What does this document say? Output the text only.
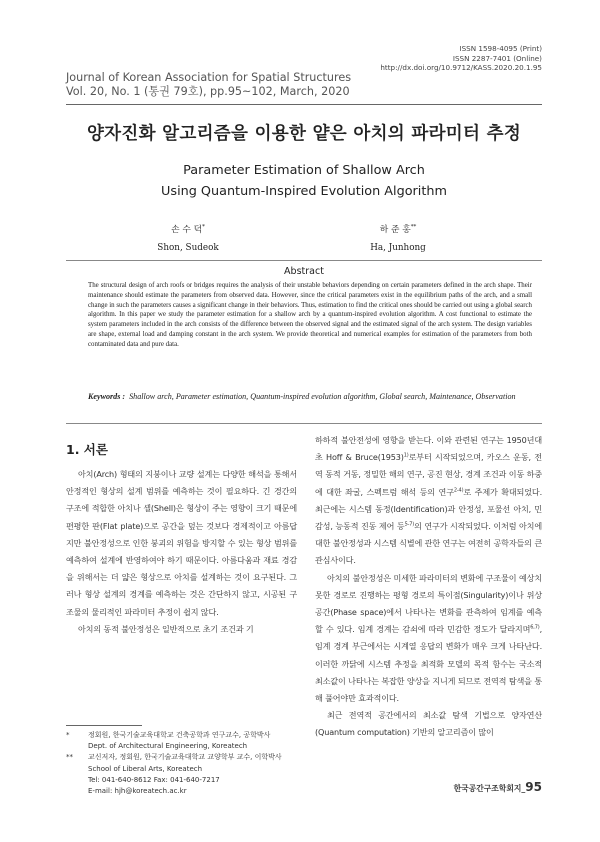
ISSN 1598-4095 (Print)
ISSN 2287-7401 (Online)
http://dx.doi.org/10.9712/KASS.2020.20.1.95
Journal of Korean Association for Spatial Structures
Vol. 20, No. 1 (통권 79호), pp.95~102, March, 2020
양자진화 알고리즘을 이용한 얕은 아치의 파라미터 추정
Parameter Estimation of Shallow Arch
Using Quantum-Inspired Evolution Algorithm
손 수 덕*
Shon, Sudeok
하 준 홍**
Ha, Junhong
Abstract

The structural design of arch roofs or bridges requires the analysis of their unstable behaviors depending on certain parameters defined in the arch shape. Their maintenance should estimate the parameters from observed data. However, since the critical parameters exist in the equilibrium paths of the arch, and a small change in such the parameters causes a significant change in their behaviors. Thus, estimation to find the critical ones should be carried out using a global search algorithm. In this paper we study the parameter estimation for a shallow arch by a quantum-inspired evolution algorithm. A cost functional to estimate the system parameters included in the arch consists of the difference between the observed signal and the estimated signal of the arch system. The design variables are shape, external load and damping constant in the arch system. We provide theoretical and numerical examples for estimation of the parameters from both contaminated data and pure data.

Keywords : Shallow arch, Parameter estimation, Quantum-inspired evolution algorithm, Global search, Maintenance, Observation
1. 서론

아치(Arch) 형태의 지붕이나 교량 설계는 다양한 해석을 통해서 안정적인 형상의 설계 범위를 예측하는 것이 필요하다. 긴 경간의 구조에 적합한 아치나 셸(Shell)은 형상이 주는 영향이 크기 때문에 편평한 판(Flat plate)으로 공간을 덮는 것보다 경제적이고 아름답지만 불안정성으로 인한 붕괴의 위험을 방지할 수 있는 형상 범위를 예측하여 설계에 반영하여야 하기 때문이다. 아름다움과 재료 경감을 위해서는 더 얇은 형상으로 아치를 설계하는 것이 요구된다. 그러나 형상 설계의 경계를 예측하는 것은 간단하지 않고, 시공된 구조물의 물리적인 파라미터 추정이 쉽지 않다.

아치의 동적 불안정성은 일반적으로 초기 조건과 기

하하적 불안전성에 영향을 받는다. 이와 관련된 연구는 1950년대 초 Hoff & $Bruce(1953)^{1)}$로부터 시작되었으며, 카오스 운동, 전역 동적 거동, 정밀한 해의 연구, 공진 현상, 경계 조건과 이동 하중에 대한 좌굴, 스펙트럼 해석 등의 연구$^{2-4)}$로 주제가 확대되었다. 최근에는 시스템 동정(Identification)과 안정성, 포물선 아치, 민감성, 능동적 진동 제어 등$^{5-7)}$의 연구가 시작되었다. 이처럼 아치에 대한 불안정성과 시스템 식별에 관한 연구는 여전히 공학자들의 큰 관심사이다.

아치의 불안정성은 미세한 파라미터의 변화에 구조물이 예상치 못한 경로로 진행하는 평형 경로의 특이점(Singularity)이나 위상공간(Phase space)에서 나타나는 변화를 관측하여 임계를 예측할 수 있다. 임계 경계는 감쇠에 따라 민감한 정도가 달라지며$^{6,7)}$, 임계 경계 부근에서는 시계열 응답의 변화가 매우 크게 나타난다. 이러한 까닭에 시스템 추정을 최적화 모델의 목적 함수는 국소적 최소값이 나타나는 복잡한 양상을 지니게 되므로 전역적 탐색을 통해 풀어야만 효과적이다.

최근 전역적 공간에서의 최소값 탐색 기법으로 양자연산(Quantum computation) 기반의 알고리즘이 많이

*	정회원, 한국기술교육대학교 건축공학과 연구교수, 공학박사
Dept. of Architectural Engineering, Koreatech
**	교신저자, 정회원, 한국기술교육대학교 교양학부 교수, 이학박사
School of Liberal Arts, Koreatech
Tel: 041-640-8612 Fax: 041-640-7217
E-mail: hjh@koreatech.ac.kr	한국공간구조학회지_95
